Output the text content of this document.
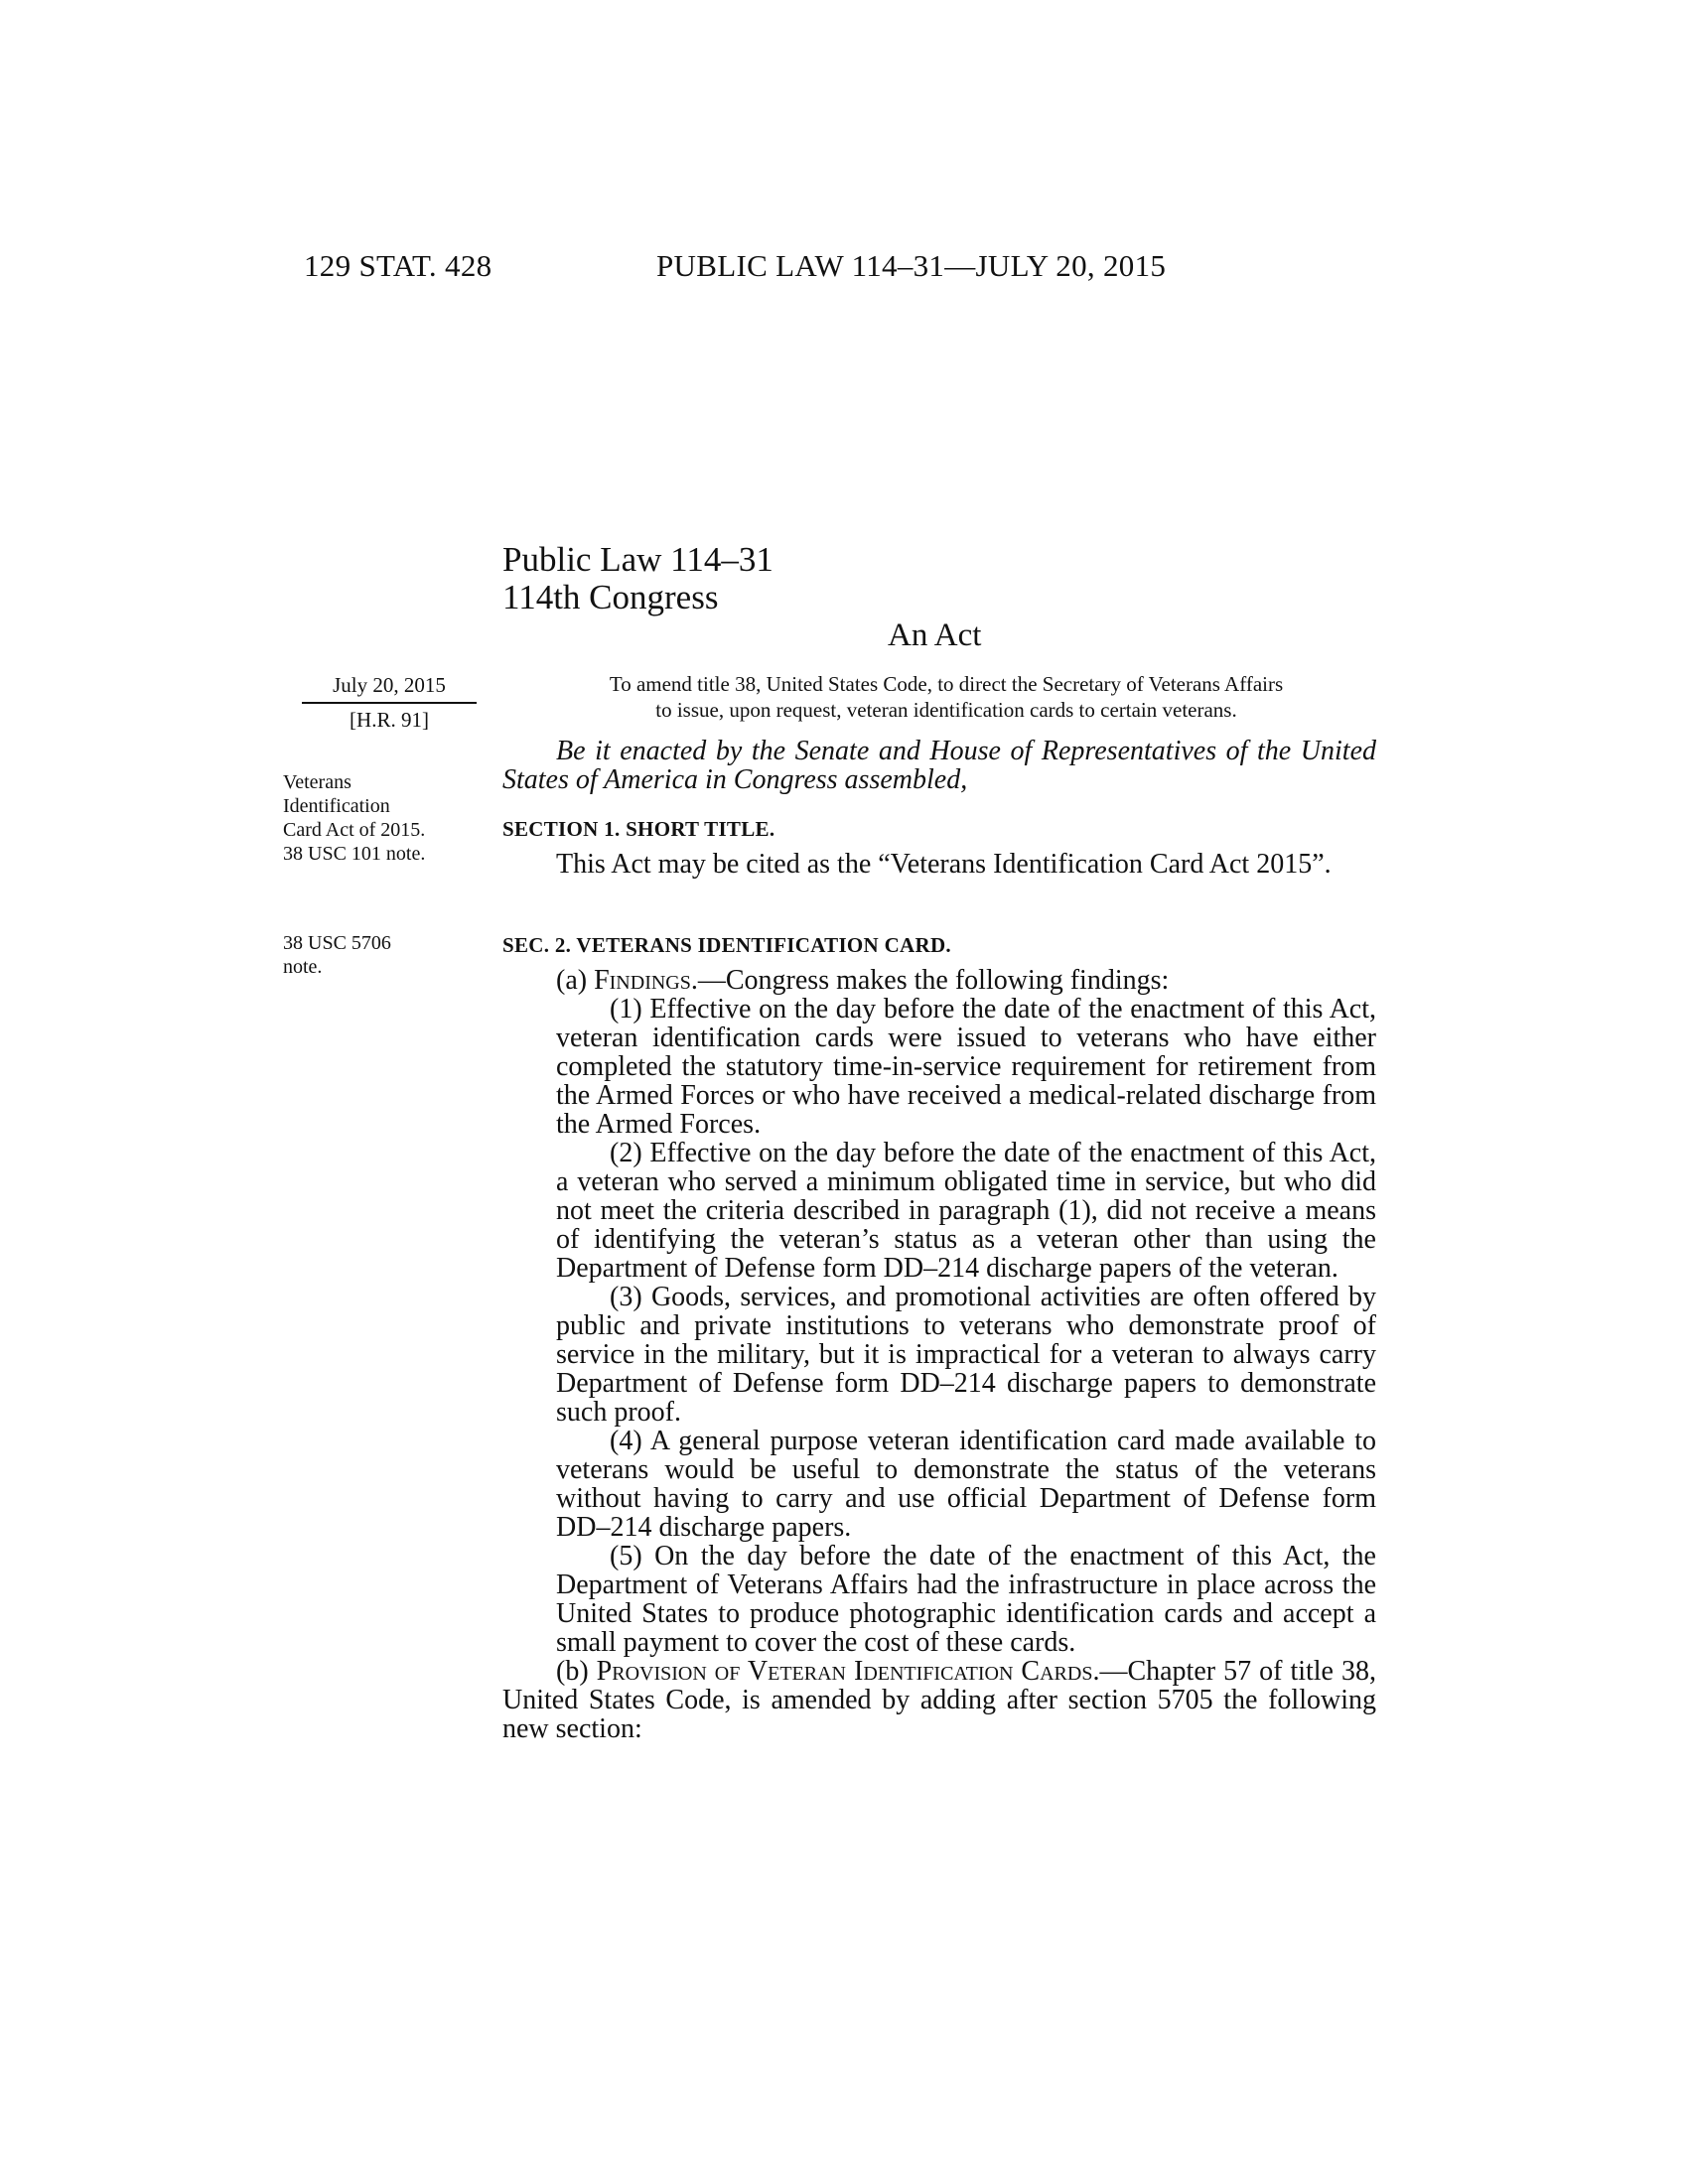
129 STAT. 428	PUBLIC LAW 114–31—JULY 20, 2015
Public Law 114–31
114th Congress
An Act
July 20, 2015
[H.R. 91]
To amend title 38, United States Code, to direct the Secretary of Veterans Affairs
to issue, upon request, veteran identification cards to certain veterans.
Veterans
Identification
Card Act of 2015.
38 USC 101 note.

Be it enacted by the Senate and House of Representatives of the United States of America in Congress assembled,

SECTION 1. SHORT TITLE.

This Act may be cited as the “Veterans Identification Card Act 2015”.

38 USC 5706
note.
SEC. 2. VETERANS IDENTIFICATION CARD.

(a) Findings.—Congress makes the following findings:

(1) Effective on the day before the date of the enactment of this Act, veteran identification cards were issued to veterans who have either completed the statutory time-in-service requirement for retirement from the Armed Forces or who have received a medical-related discharge from the Armed Forces.

(2) Effective on the day before the date of the enactment of this Act, a veteran who served a minimum obligated time in service, but who did not meet the criteria described in paragraph (1), did not receive a means of identifying the veteran’s status as a veteran other than using the Department of Defense form DD–214 discharge papers of the veteran.

(3) Goods, services, and promotional activities are often offered by public and private institutions to veterans who demonstrate proof of service in the military, but it is impractical for a veteran to always carry Department of Defense form DD–214 discharge papers to demonstrate such proof.

(4) A general purpose veteran identification card made available to veterans would be useful to demonstrate the status of the veterans without having to carry and use official Department of Defense form DD–214 discharge papers.

(5) On the day before the date of the enactment of this Act, the Department of Veterans Affairs had the infrastructure in place across the United States to produce photographic identification cards and accept a small payment to cover the cost of these cards.

(b) Provision of Veteran Identification Cards.—Chapter 57 of title 38, United States Code, is amended by adding after section 5705 the following new section:
